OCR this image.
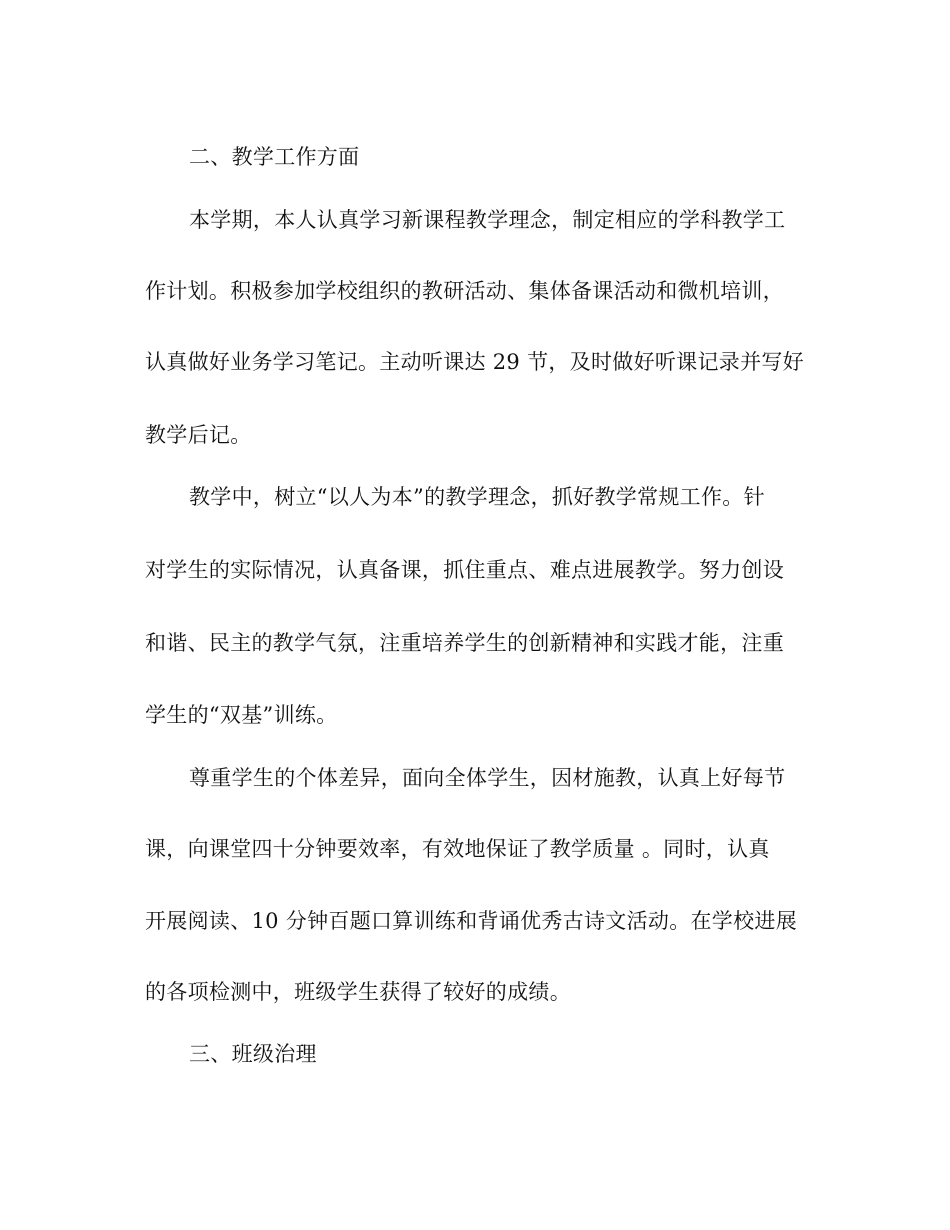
二、教学工作方面
本学期，本人认真学习新课程教学理念，制定相应的学科教学工
作计划。积极参加学校组织的教研活动、集体备课活动和微机培训，
认真做好业务学习笔记。主动听课达 29 节，及时做好听课记录并写好
教学后记。
教学中，树立“以人为本”的教学理念，抓好教学常规工作。针
对学生的实际情况，认真备课，抓住重点、难点进展教学。努力创设
和谐、民主的教学气氛，注重培养学生的创新精神和实践才能，注重
学生的“双基”训练。
尊重学生的个体差异，面向全体学生，因材施教，认真上好每节
课，向课堂四十分钟要效率，有效地保证了教学质量 。同时，认真
开展阅读、10 分钟百题口算训练和背诵优秀古诗文活动。在学校进展
的各项检测中，班级学生获得了较好的成绩。
三、班级治理
